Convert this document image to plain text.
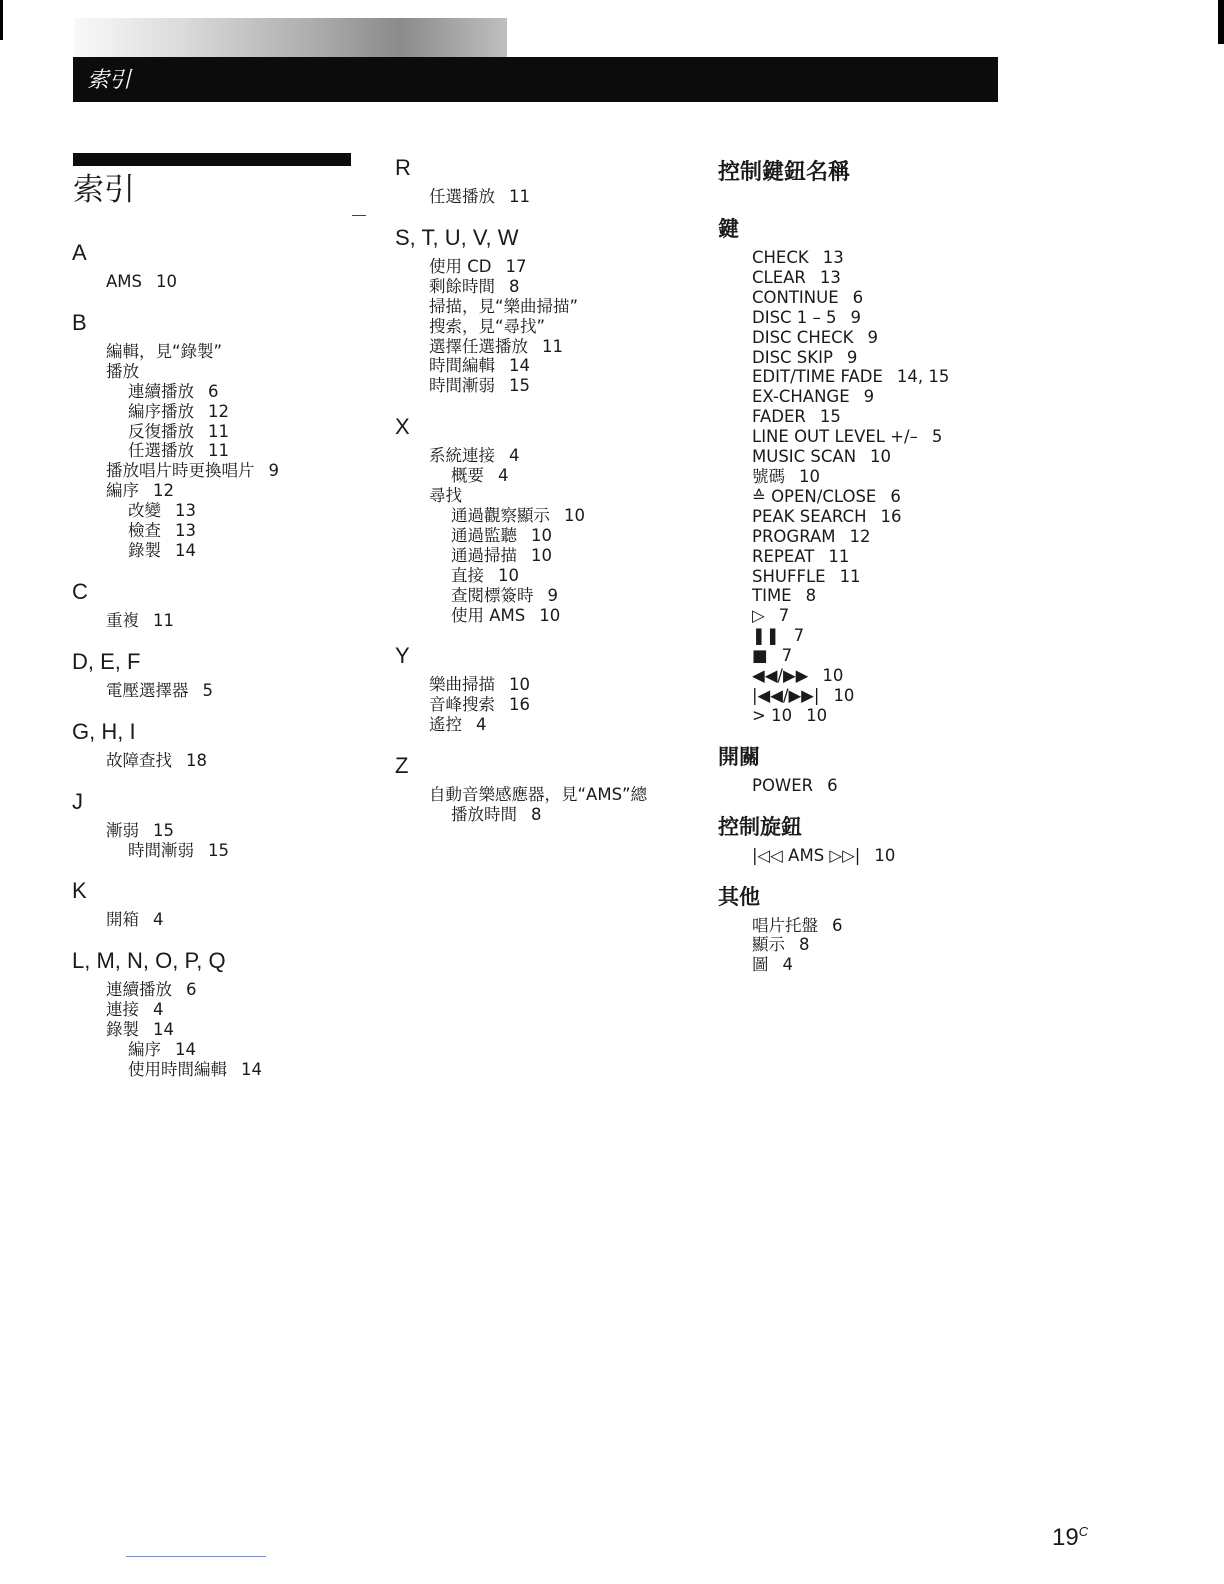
索引
索引
A
AMS 10
B
編輯，見“錄製”
播放
連續播放 6
編序播放 12
反復播放 11
任選播放 11
播放唱片時更換唱片 9
編序 12
改變 13
檢查 13
錄製 14
C
重複 11
D, E, F
電壓選擇器 5
G, H, I
故障查找 18
J
漸弱 15
時間漸弱 15
K
開箱 4
L, M, N, O, P, Q
連續播放 6
連接 4
錄製 14
編序 14
使用時間編輯 14
R
任選播放 11
S, T, U, V, W
使用 CD 17
剩餘時間 8
掃描，見“樂曲掃描”
搜索，見“尋找”
選擇任選播放 11
時間編輯 14
時間漸弱 15
X
系統連接 4
概要 4
尋找
通過觀察顯示 10
通過監聽 10
通過掃描 10
直接 10
查閱標簽時 9
使用 AMS 10
Y
樂曲掃描 10
音峰搜索 16
遙控 4
Z
自動音樂感應器，見“AMS”總
播放時間 8
控制鍵鈕名稱
鍵
CHECK 13
CLEAR 13
CONTINUE 6
DISC 1 – 5 9
DISC CHECK 9
DISC SKIP 9
EDIT/TIME FADE 14, 15
EX-CHANGE 9
FADER 15
LINE OUT LEVEL +/– 5
MUSIC SCAN 10
號碼 10
≙ OPEN/CLOSE 6
PEAK SEARCH 16
PROGRAM 12
REPEAT 11
SHUFFLE 11
TIME 8
▷ 7
❚❚ 7
■ 7
◀◀/▶▶ 10
|◀◀/▶▶| 10
> 10 10
開關
POWER 6
控制旋鈕
|◁◁ AMS ▷▷| 10
其他
唱片托盤 6
顯示 8
圖 4
$19^C$
